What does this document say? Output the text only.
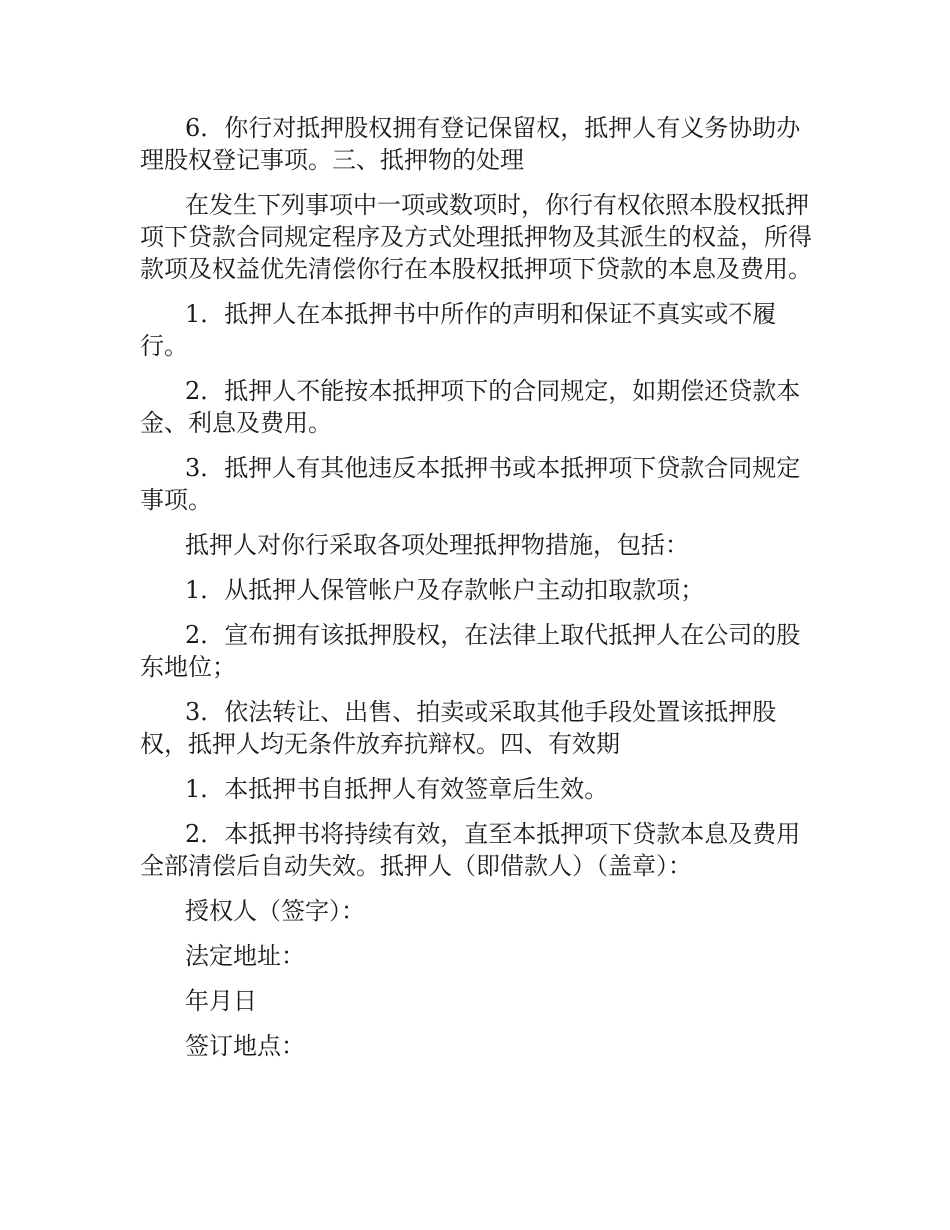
6．你行对抵押股权拥有登记保留权，抵押人有义务协助办理股权登记事项。三、抵押物的处理

在发生下列事项中一项或数项时，你行有权依照本股权抵押项下贷款合同规定程序及方式处理抵押物及其派生的权益，所得款项及权益优先清偿你行在本股权抵押项下贷款的本息及费用。

1．抵押人在本抵押书中所作的声明和保证不真实或不履行。

2．抵押人不能按本抵押项下的合同规定，如期偿还贷款本金、利息及费用。

3．抵押人有其他违反本抵押书或本抵押项下贷款合同规定事项。

抵押人对你行采取各项处理抵押物措施，包括：

1．从抵押人保管帐户及存款帐户主动扣取款项；

2．宣布拥有该抵押股权，在法律上取代抵押人在公司的股东地位；

3．依法转让、出售、拍卖或采取其他手段处置该抵押股权，抵押人均无条件放弃抗辩权。四、有效期

1．本抵押书自抵押人有效签章后生效。

2．本抵押书将持续有效，直至本抵押项下贷款本息及费用全部清偿后自动失效。抵押人（即借款人）（盖章）：

授权人（签字）：

法定地址：

年月日

签订地点：
